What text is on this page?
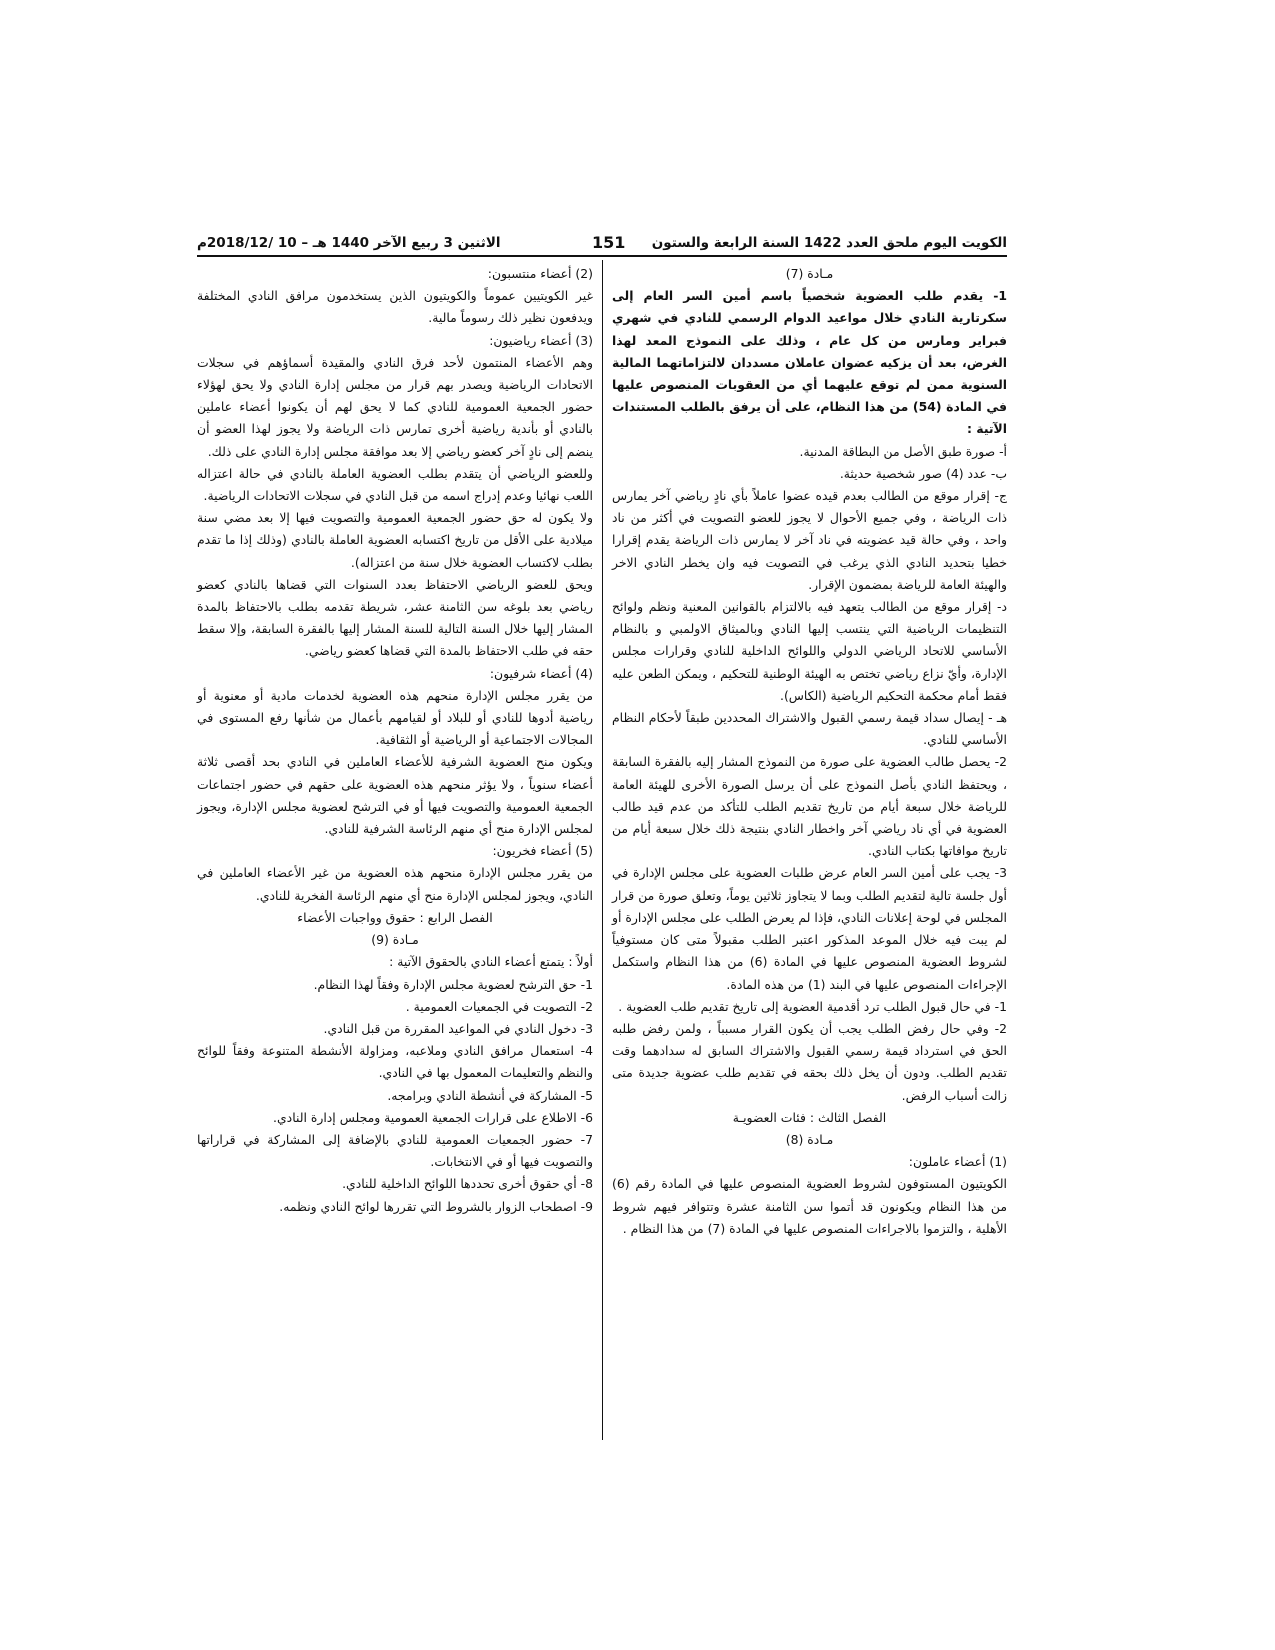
الكويت اليوم ملحق العدد 1422 السنة الرابعة والستون
151
الاثنين 3 ربيع الآخر 1440 هـ – 10 /2018/12م

مـادة (7)

1- يقدم طلب العضوية شخصياً باسم أمين السر العام إلى سكرتارية النادي خلال مواعيد الدوام الرسمي للنادي في شهري فبراير ومارس من كل عام ، وذلك على النموذج المعد لهذا الغرض، بعد أن يزكيه عضوان عاملان مسددان لالتزاماتهما المالية السنوية ممن لم توقع عليهما أي من العقوبات المنصوص عليها في المادة (54) من هذا النظام، على أن يرفق بالطلب المستندات الآتية :

أ- صورة طبق الأصل من البطاقة المدنية.

ب- عدد (4) صور شخصية حديثة.

ج- إقرار موقع من الطالب بعدم قيده عضوا عاملاً بأي نادٍ رياضي آخر يمارس ذات الرياضة ، وفي جميع الأحوال لا يجوز للعضو التصويت في أكثر من ناد واحد ، وفي حالة قيد عضويته في ناد آخر لا يمارس ذات الرياضة يقدم إقرارا خطيا بتحديد النادي الذي يرغب في التصويت فيه وان يخطر النادي الاخر والهيئة العامة للرياضة بمضمون الإقرار.

د- إقرار موقع من الطالب يتعهد فيه بالالتزام بالقوانين المعنية ونظم ولوائح التنظيمات الرياضية التي ينتسب إليها النادي وبالميثاق الاولمبي و بالنظام الأساسي للاتحاد الرياضي الدولي واللوائح الداخلية للنادي وقرارات مجلس الإدارة، وأيّ نزاع رياضي تختص به الهيئة الوطنية للتحكيم ، ويمكن الطعن عليه فقط أمام محكمة التحكيم الرياضية (الكاس).

هـ - إيصال سداد قيمة رسمي القبول والاشتراك المحددين طبقاً لأحكام النظام الأساسي للنادي.

2- يحصل طالب العضوية على صورة من النموذج المشار إليه بالفقرة السابقة ، ويحتفظ النادي بأصل النموذج على أن يرسل الصورة الأخرى للهيئة العامة للرياضة خلال سبعة أيام من تاريخ تقديم الطلب للتأكد من عدم قيد طالب العضوية في أي ناد رياضي آخر واخطار النادي بنتيجة ذلك خلال سبعة أيام من تاريخ موافاتها بكتاب النادي.

3- يجب على أمين السر العام عرض طلبات العضوية على مجلس الإدارة في أول جلسة تالية لتقديم الطلب وبما لا يتجاوز ثلاثين يوماً، وتعلق صورة من قرار المجلس في لوحة إعلانات النادي، فإذا لم يعرض الطلب على مجلس الإدارة أو لم يبت فيه خلال الموعد المذكور اعتبر الطلب مقبولاً متى كان مستوفياً لشروط العضوية المنصوص عليها في المادة (6) من هذا النظام واستكمل الإجراءات المنصوص عليها في البند (1) من هذه المادة.

1- في حال قبول الطلب ترد أقدمية العضوية إلى تاريخ تقديم طلب العضوية .

2- وفي حال رفض الطلب يجب أن يكون القرار مسبباً ، ولمن رفض طلبه الحق في استرداد قيمة رسمي القبول والاشتراك السابق له سدادهما وقت تقديم الطلب. ودون أن يخل ذلك بحقه في تقديم طلب عضوية جديدة متى زالت أسباب الرفض.

الفصل الثالث : فئات العضويـة

مـادة (8)

(1) أعضاء عاملون:

الكويتيون المستوفون لشروط العضوية المنصوص عليها في المادة رقم (6) من هذا النظام ويكونون قد أتموا سن الثامنة عشرة وتتوافر فيهم شروط الأهلية ، والتزموا بالاجراءات المنصوص عليها في المادة (7) من هذا النظام .

(2) أعضاء منتسبون:

غير الكويتيين عموماً والكويتيون الذين يستخدمون مرافق النادي المختلفة ويدفعون نظير ذلك رسوماً مالية.

(3) أعضاء رياضيون:

وهم الأعضاء المنتمون لأحد فرق النادي والمقيدة أسماؤهم في سجلات الاتحادات الرياضية ويصدر بهم قرار من مجلس إدارة النادي ولا يحق لهؤلاء حضور الجمعية العمومية للنادي كما لا يحق لهم أن يكونوا أعضاء عاملين بالنادي أو بأندية رياضية أخرى تمارس ذات الرياضة ولا يجوز لهذا العضو أن ينضم إلى نادٍ آخر كعضو رياضي إلا بعد موافقة مجلس إدارة النادي على ذلك.

وللعضو الرياضي أن يتقدم بطلب العضوية العاملة بالنادي في حالة اعتزاله اللعب نهائيا وعدم إدراج اسمه من قبل النادي في سجلات الاتحادات الرياضية.

ولا يكون له حق حضور الجمعية العمومية والتصويت فيها إلا بعد مضي سنة ميلادية على الأقل من تاريخ اكتسابه العضوية العاملة بالنادي (وذلك إذا ما تقدم بطلب لاكتساب العضوية خلال سنة من اعتزاله).

ويحق للعضو الرياضي الاحتفاظ بعدد السنوات التي قضاها بالنادي كعضو رياضي بعد بلوغه سن الثامنة عشر، شريطة تقدمه بطلب بالاحتفاظ بالمدة المشار إليها خلال السنة التالية للسنة المشار إليها بالفقرة السابقة، وإلا سقط حقه في طلب الاحتفاظ بالمدة التي قضاها كعضو رياضي.

(4) أعضاء شرفيون:

من يقرر مجلس الإدارة منحهم هذه العضوية لخدمات مادية أو معنوية أو رياضية أدوها للنادي أو للبلاد أو لقيامهم بأعمال من شأنها رفع المستوى في المجالات الاجتماعية أو الرياضية أو الثقافية.

ويكون منح العضوية الشرفية للأعضاء العاملين في النادي بحد أقصى ثلاثة أعضاء سنوياً ، ولا يؤثر منحهم هذه العضوية على حقهم في حضور اجتماعات الجمعية العمومية والتصويت فيها أو في الترشح لعضوية مجلس الإدارة، ويجوز لمجلس الإدارة منح أي منهم الرئاسة الشرفية للنادي.

(5) أعضاء فخريون:

من يقرر مجلس الإدارة منحهم هذه العضوية من غير الأعضاء العاملين في النادي، ويجوز لمجلس الإدارة منح أي منهم الرئاسة الفخرية للنادي.

الفصل الرابع : حقوق وواجبات الأعضاء

مـادة (9)

أولاً : يتمتع أعضاء النادي بالحقوق الآتية :

1- حق الترشح لعضوية مجلس الإدارة وفقاً لهذا النظام.

2- التصويت في الجمعيات العمومية .

3- دخول النادي في المواعيد المقررة من قبل النادي.

4- استعمال مرافق النادي وملاعبه، ومزاولة الأنشطة المتنوعة وفقاً للوائح والنظم والتعليمات المعمول بها في النادي.

5- المشاركة في أنشطة النادي وبرامجه.

6- الاطلاع على قرارات الجمعية العمومية ومجلس إدارة النادي.

7- حضور الجمعيات العمومية للنادي بالإضافة إلى المشاركة في قراراتها والتصويت فيها أو في الانتخابات.

8- أي حقوق أخرى تحددها اللوائح الداخلية للنادي.

9- اصطحاب الزوار بالشروط التي تقررها لوائح النادي ونظمه.
